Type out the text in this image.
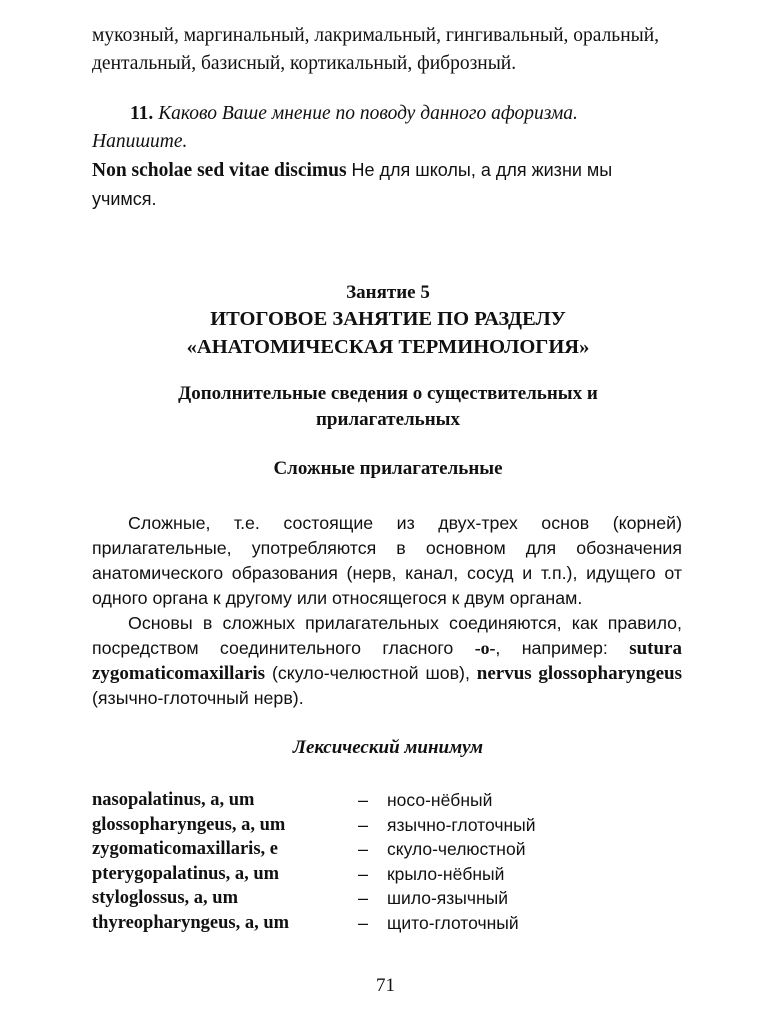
мукозный, маргинальный, лакримальный, гингивальный, оральный,
дентальный, базисный, кортикальный, фиброзный.
11. Каково Ваше мнение по поводу данного афоризма.
Напишите.
Non scholae sed vitae discimus Не для школы, а для жизни мы
учимся.
Занятие 5
ИТОГОВОЕ ЗАНЯТИЕ ПО РАЗДЕЛУ
«АНАТОМИЧЕСКАЯ ТЕРМИНОЛОГИЯ»
Дополнительные сведения о существительных и
прилагательных
Сложные прилагательные

Сложные, т.е. состоящие из двух-трех основ (корней) прилагательные, употребляются в основном для обозначения анатомического образования (нерв, канал, сосуд и т.п.), идущего от одного органа к другому или относящегося к двум органам.

Основы в сложных прилагательных соединяются, как правило, посредством соединительного гласного -о-, например: sutura zygomaticomaxillaris (скуло-челюстной шов), nervus glossopharyngeus (язычно-глоточный нерв).

Лексический минимум
nasopalatinus, a, um	– носо-нёбный
glossopharyngeus, a, um	– язычно-глоточный
zygomaticomaxillaris, e	– скуло-челюстной
pterygopalatinus, a, um	– крыло-нёбный
styloglossus, a, um	– шило-язычный
thyreopharyngeus, a, um	– щито-глоточный
71
